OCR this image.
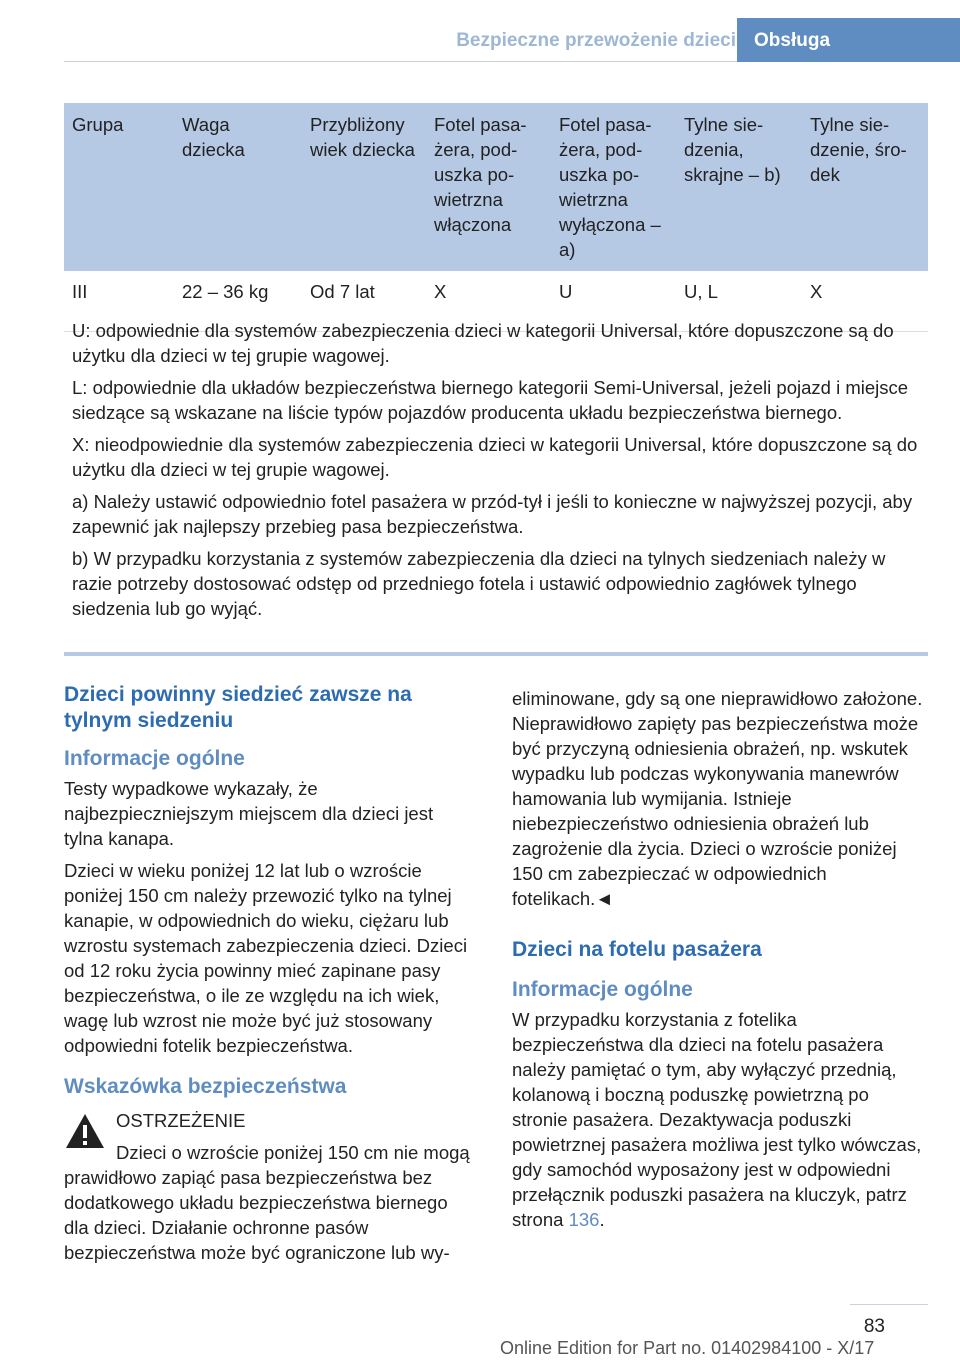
Bezpieczne przewożenie dzieci Obsługa
Grupa	Waga dziecka	Przybliżony wiek dziecka	Fotel pasa-żera, pod-uszka po-wietrzna włączona	Fotel pasa-żera, pod-uszka po-wietrzna wyłączona – a)	Tylne sie-dzenia, skrajne – b)	Tylne sie-dzenie, śro-dek
III	22 – 36 kg	Od 7 lat	X	U	U, L	X

U: odpowiednie dla systemów zabezpieczenia dzieci w kategorii Universal, które dopuszczone są do użytku dla dzieci w tej grupie wagowej.

L: odpowiednie dla układów bezpieczeństwa biernego kategorii Semi-Universal, jeżeli pojazd i miejsce siedzące są wskazane na liście typów pojazdów producenta układu bezpieczeństwa biernego.

X: nieodpowiednie dla systemów zabezpieczenia dzieci w kategorii Universal, które dopuszczone są do użytku dla dzieci w tej grupie wagowej.

a) Należy ustawić odpowiednio fotel pasażera w przód-tył i jeśli to konieczne w najwyższej pozycji, aby zapewnić jak najlepszy przebieg pasa bezpieczeństwa.

b) W przypadku korzystania z systemów zabezpieczenia dla dzieci na tylnych siedzeniach należy w razie potrzeby dostosować odstęp od przedniego fotela i ustawić odpowiednio zagłówek tylnego siedzenia lub go wyjąć.

Dzieci powinny siedzieć zawsze na tylnym siedzeniu
Informacje ogólne

Testy wypadkowe wykazały, że najbezpieczniejszym miejscem dla dzieci jest tylna kanapa.

Dzieci w wieku poniżej 12 lat lub o wzroście poniżej 150 cm należy przewozić tylko na tylnej kanapie, w odpowiednich do wieku, ciężaru lub wzrostu systemach zabezpieczenia dzieci. Dzieci od 12 roku życia powinny mieć zapinane pasy bezpieczeństwa, o ile ze względu na ich wiek, wagę lub wzrost nie może być już stosowany odpowiedni fotelik bezpieczeństwa.

Wskazówka bezpieczeństwa

OSTRZEŻENIE

Dzieci o wzroście poniżej 150 cm nie mogą prawidłowo zapiąć pasa bezpieczeństwa bez dodatkowego układu bezpieczeństwa biernego dla dzieci. Działanie ochronne pasów bezpieczeństwa może być ograniczone lub wy-

eliminowane, gdy są one nieprawidłowo założone. Nieprawidłowo zapięty pas bezpieczeństwa może być przyczyną odniesienia obrażeń, np. wskutek wypadku lub podczas wykonywania manewrów hamowania lub wymijania. Istnieje niebezpieczeństwo odniesienia obrażeń lub zagrożenie dla życia. Dzieci o wzroście poniżej 150 cm zabezpieczać w odpowiednich fotelikach.◄

Dzieci na fotelu pasażera
Informacje ogólne

W przypadku korzystania z fotelika bezpieczeństwa dla dzieci na fotelu pasażera należy pamiętać o tym, aby wyłączyć przednią, kolanową i boczną poduszkę powietrzną po stronie pasażera. Dezaktywacja poduszki powietrznej pasażera możliwa jest tylko wówczas, gdy samochód wyposażony jest w odpowiedni przełącznik poduszki pasażera na kluczyk, patrz strona 136.

83
Online Edition for Part no. 01402984100 - X/17
